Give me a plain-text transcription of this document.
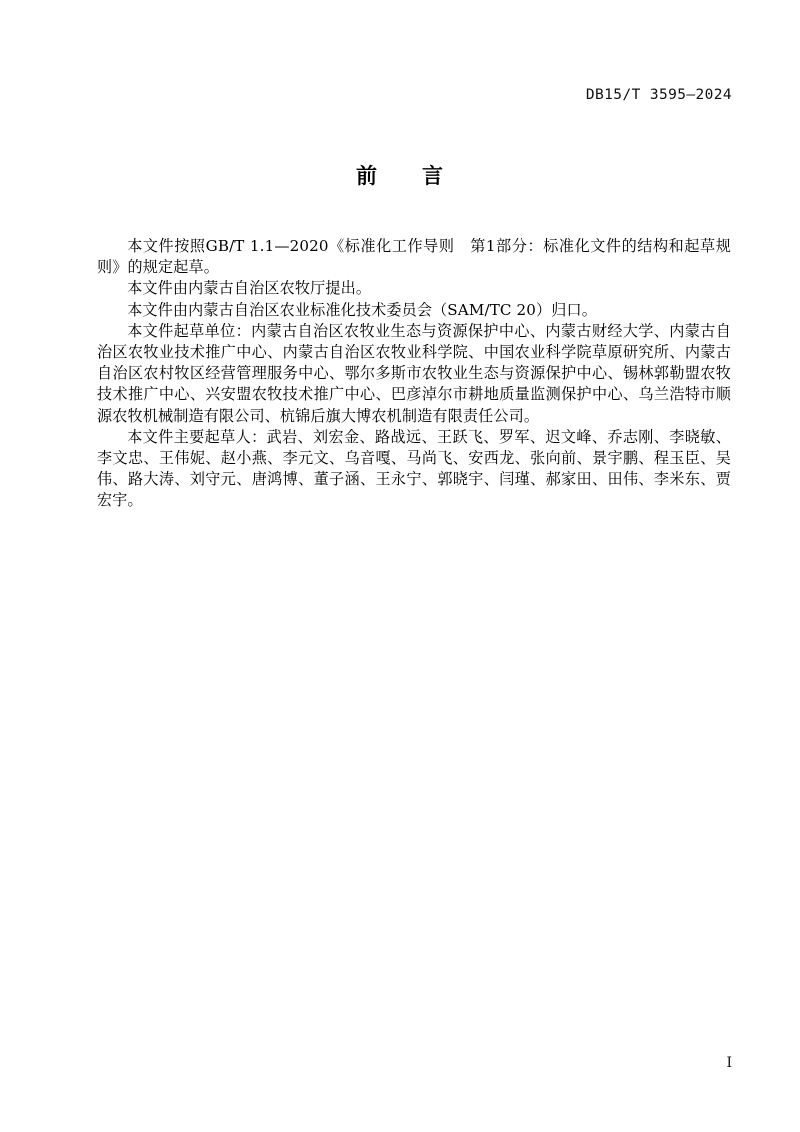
DB15/T 3595—2024
前　　言

本文件按照GB/T 1.1—2020《标准化工作导则　第1部分：标准化文件的结构和起草规则》的规定起草。

本文件由内蒙古自治区农牧厅提出。

本文件由内蒙古自治区农业标准化技术委员会（SAM/TC 20）归口。

本文件起草单位：内蒙古自治区农牧业生态与资源保护中心、内蒙古财经大学、内蒙古自治区农牧业技术推广中心、内蒙古自治区农牧业科学院、中国农业科学院草原研究所、内蒙古自治区农村牧区经营管理服务中心、鄂尔多斯市农牧业生态与资源保护中心、锡林郭勒盟农牧技术推广中心、兴安盟农牧技术推广中心、巴彦淖尔市耕地质量监测保护中心、乌兰浩特市顺源农牧机械制造有限公司、杭锦后旗大博农机制造有限责任公司。

本文件主要起草人：武岩、刘宏金、路战远、王跃飞、罗军、迟文峰、乔志刚、李晓敏、李文忠、王伟妮、赵小燕、李元文、乌音嘎、马尚飞、安西龙、张向前、景宇鹏、程玉臣、吴伟、路大涛、刘守元、唐鸿博、董子涵、王永宁、郭晓宇、闫瑾、郝家田、田伟、李米东、贾宏宇。

I
